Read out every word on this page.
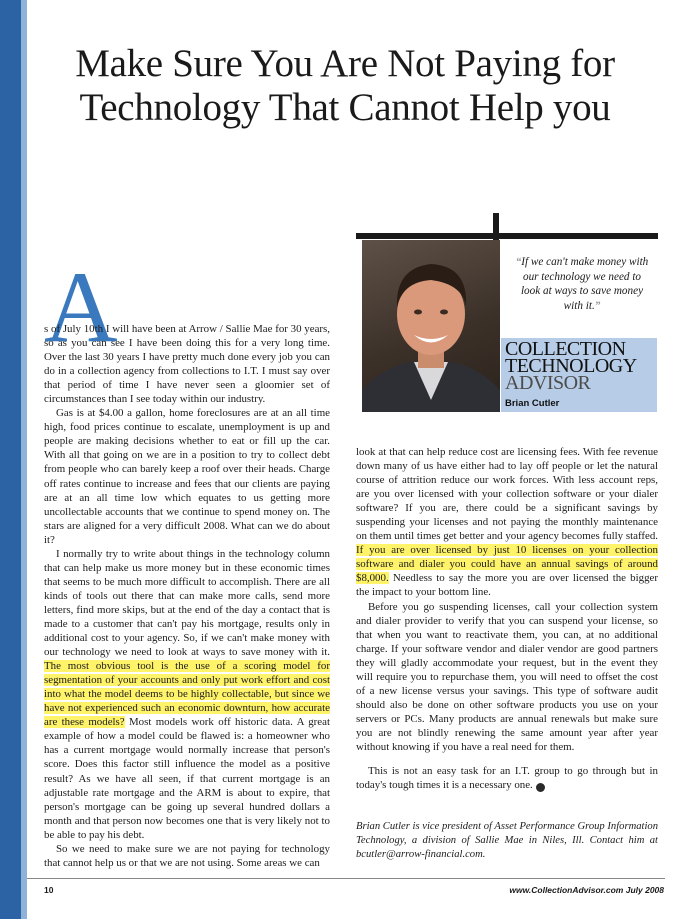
Make Sure You Are Not Paying for
Technology That Cannot Help you
“If we can't make money with our technology we need to look at ways to save money with it.”
COLLECTION
TECHNOLOGY
ADVISOR
Brian Cutler
A

s of July 10th I will have been at Arrow / Sallie Mae for 30 years, so as you can see I have been doing this for a very long time. Over the last 30 years I have pretty much done every job you can do in a collection agency from collections to I.T. I must say over that period of time I have never seen a gloomier set of circumstances than I see today within our industry.

Gas is at $4.00 a gallon, home foreclosures are at an all time high, food prices continue to escalate, unemployment is up and people are making decisions whether to eat or fill up the car. With all that going on we are in a position to try to collect debt from people who can barely keep a roof over their heads. Charge off rates continue to increase and fees that our clients are paying are at an all time low which equates to us getting more uncollectable accounts that we continue to spend money on. The stars are aligned for a very difficult 2008. What can we do about it?

I normally try to write about things in the technology column that can help make us more money but in these economic times that seems to be much more difficult to accomplish. There are all kinds of tools out there that can make more calls, send more letters, find more skips, but at the end of the day a contact that is made to a customer that can't pay his mortgage, results only in additional cost to your agency. So, if we can't make money with our technology we need to look at ways to save money with it. The most obvious tool is the use of a scoring model for segmentation of your accounts and only put work effort and cost into what the model deems to be highly collectable, but since we have not experienced such an economic downturn, how accurate are these models? Most models work off historic data. A great example of how a model could be flawed is: a homeowner who has a current mortgage would normally increase that person's score. Does this factor still influence the model as a positive result? As we have all seen, if that current mortgage is an adjustable rate mortgage and the ARM is about to expire, that person's mortgage can be going up several hundred dollars a month and that person now becomes one that is very likely not to be able to pay his debt.

So we need to make sure we are not paying for technology that cannot help us or that we are not using. Some areas we can

look at that can help reduce cost are licensing fees. With fee revenue down many of us have either had to lay off people or let the natural course of attrition reduce our work forces. With less account reps, are you over licensed with your collection software or your dialer software? If you are, there could be a significant savings by suspending your licenses and not paying the monthly maintenance on them until times get better and your agency becomes fully staffed. If you are over licensed by just 10 licenses on your collection software and dialer you could have an annual savings of around $8,000. Needless to say the more you are over licensed the bigger the impact to your bottom line.

Before you go suspending licenses, call your collection system and dialer provider to verify that you can suspend your license, so that when you want to reactivate them, you can, at no additional charge. If your software vendor and dialer vendor are good partners they will gladly accommodate your request, but in the event they will require you to repurchase them, you will need to offset the cost of a new license versus your savings. This type of software audit should also be done on other software products you use on your servers or PCs. Many products are annual renewals but make sure you are not blindly renewing the same amount year after year without knowing if you have a real need for them.

This is not an easy task for an I.T. group to go through but in today's tough times it is a necessary one. G

Brian Cutler is vice president of Asset Performance Group Information Technology, a division of Sallie Mae in Niles, Ill. Contact him at bcutler@arrow-financial.com.
10	www.CollectionAdvisor.com July 2008
